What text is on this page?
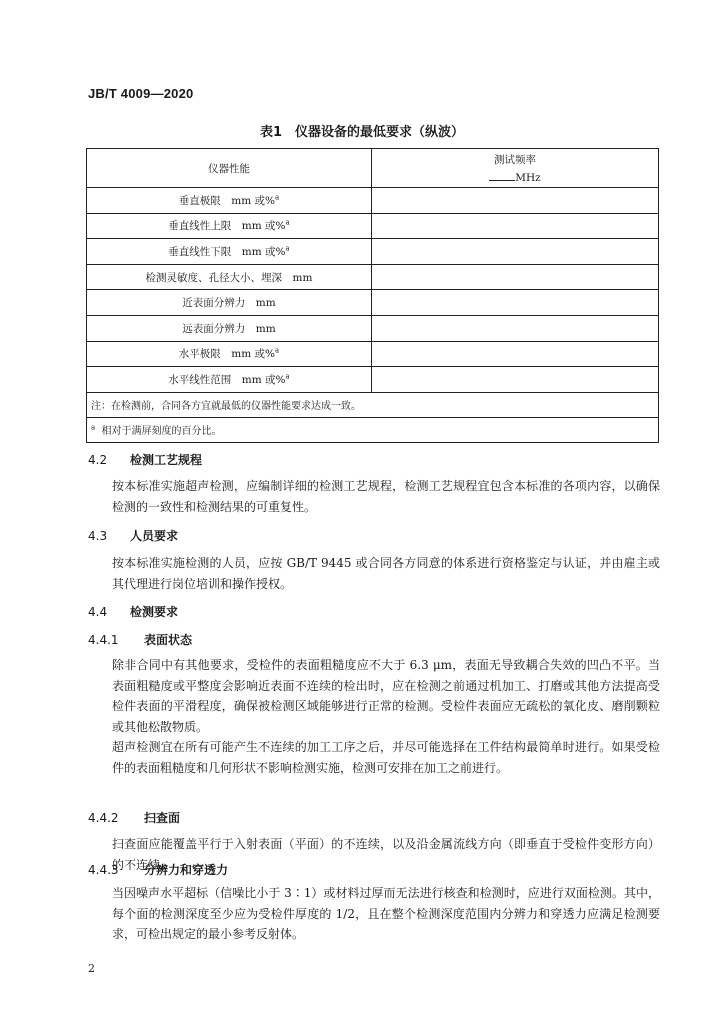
JB/T 4009—2020
表1　仪器设备的最低要求（纵波）
仪器性能	测试频率
MHz

垂直极限　mm 或%$^a$	
垂直线性上限　mm 或%$^a$	
垂直线性下限　mm 或%$^a$	
检测灵敏度、孔径大小、埋深　mm	
近表面分辨力　mm	
远表面分辨力　mm	
水平极限　mm 或%$^a$	
水平线性范围　mm 或%$^a$	
注：在检测前，合同各方宜就最低的仪器性能要求达成一致。	
$^a$ 相对于满屏刻度的百分比。	
4.2 检测工艺规程

按本标准实施超声检测，应编制详细的检测工艺规程，检测工艺规程宜包含本标准的各项内容，以确保检测的一致性和检测结果的可重复性。

4.3 人员要求

按本标准实施检测的人员，应按 GB/T 9445 或合同各方同意的体系进行资格鉴定与认证，并由雇主或其代理进行岗位培训和操作授权。

4.4 检测要求
4.4.1 表面状态

除非合同中有其他要求，受检件的表面粗糙度应不大于 6.3 μm，表面无导致耦合失效的凹凸不平。当表面粗糙度或平整度会影响近表面不连续的检出时，应在检测之前通过机加工、打磨或其他方法提高受检件表面的平滑程度，确保被检测区域能够进行正常的检测。受检件表面应无疏松的氧化皮、磨削颗粒或其他松散物质。

超声检测宜在所有可能产生不连续的加工工序之后，并尽可能选择在工件结构最简单时进行。如果受检件的表面粗糙度和几何形状不影响检测实施，检测可安排在加工之前进行。

4.4.2 扫查面

扫查面应能覆盖平行于入射表面（平面）的不连续，以及沿金属流线方向（即垂直于受检件变形方向）的不连续。

4.4.3 分辨力和穿透力

当因噪声水平超标（信噪比小于 3∶1）或材料过厚而无法进行核查和检测时，应进行双面检测。其中，每个面的检测深度至少应为受检件厚度的 1/2，且在整个检测深度范围内分辨力和穿透力应满足检测要求，可检出规定的最小参考反射体。

2
